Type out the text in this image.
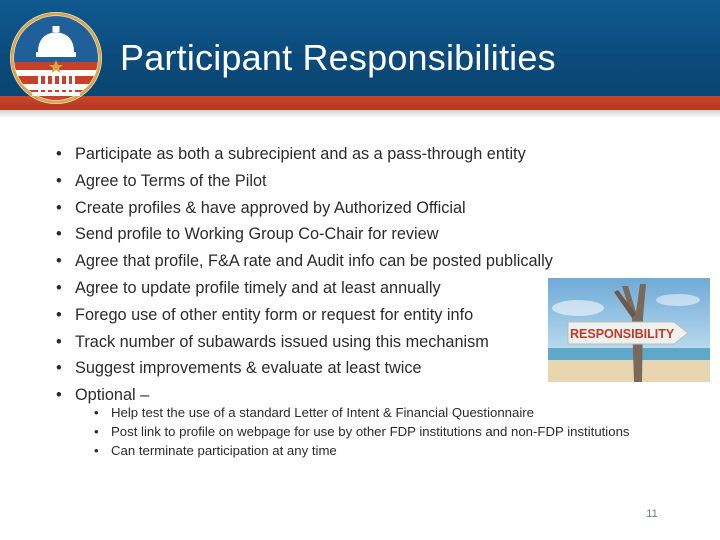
Participant Responsibilities
• Participate as both a subrecipient and as a pass-through entity
• Agree to Terms of the Pilot
• Create profiles & have approved by Authorized Official
• Send profile to Working Group Co-Chair for review
• Agree that profile, F&A rate and Audit info can be posted publically
• Agree to update profile timely and at least annually
• Forego use of other entity form or request for entity info
• Track number of subawards issued using this mechanism
• Suggest improvements & evaluate at least twice
• Optional –
• Help test the use of a standard Letter of Intent & Financial Questionnaire
• Post link to profile on webpage for use by other FDP institutions and non-FDP institutions
• Can terminate participation at any time
RESPONSIBILITY
11
